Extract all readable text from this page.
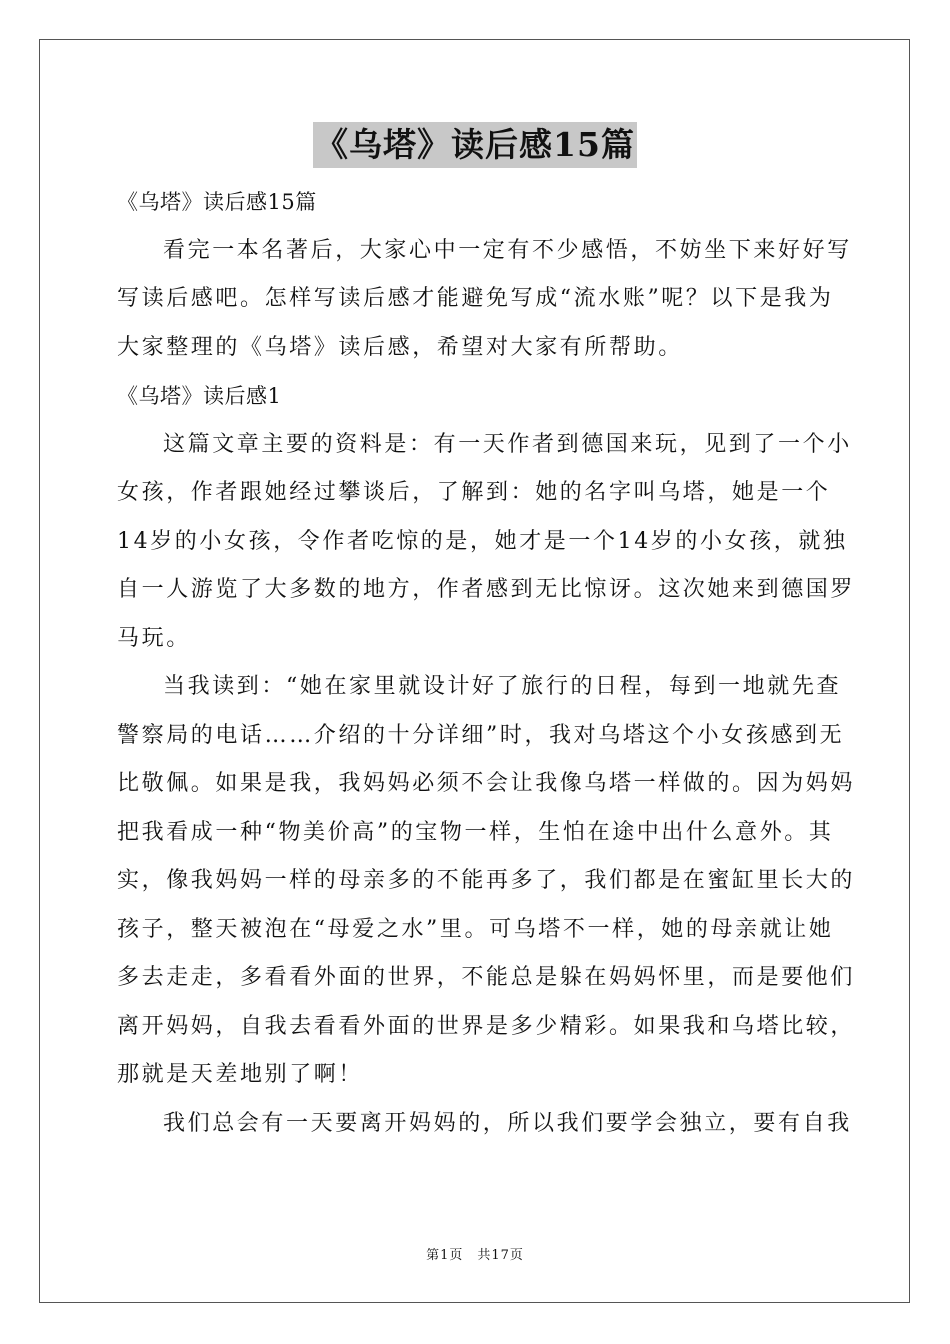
《乌塔》读后感15篇
《乌塔》读后感15篇
看完一本名著后，大家心中一定有不少感悟，不妨坐下来好好写
写读后感吧。怎样写读后感才能避免写成“流水账”呢？以下是我为
大家整理的《乌塔》读后感，希望对大家有所帮助。
《乌塔》读后感1
这篇文章主要的资料是：有一天作者到德国来玩，见到了一个小
女孩，作者跟她经过攀谈后，了解到：她的名字叫乌塔，她是一个
14岁的小女孩，令作者吃惊的是，她才是一个14岁的小女孩，就独
自一人游览了大多数的地方，作者感到无比惊讶。这次她来到德国罗
马玩。
当我读到：“她在家里就设计好了旅行的日程，每到一地就先查
警察局的电话……介绍的十分详细”时，我对乌塔这个小女孩感到无
比敬佩。如果是我，我妈妈必须不会让我像乌塔一样做的。因为妈妈
把我看成一种“物美价高”的宝物一样，生怕在途中出什么意外。其
实，像我妈妈一样的母亲多的不能再多了，我们都是在蜜缸里长大的
孩子，整天被泡在“母爱之水”里。可乌塔不一样，她的母亲就让她
多去走走，多看看外面的世界，不能总是躲在妈妈怀里，而是要他们
离开妈妈，自我去看看外面的世界是多少精彩。如果我和乌塔比较，
那就是天差地别了啊！
我们总会有一天要离开妈妈的，所以我们要学会独立，要有自我
第1页　共17页
